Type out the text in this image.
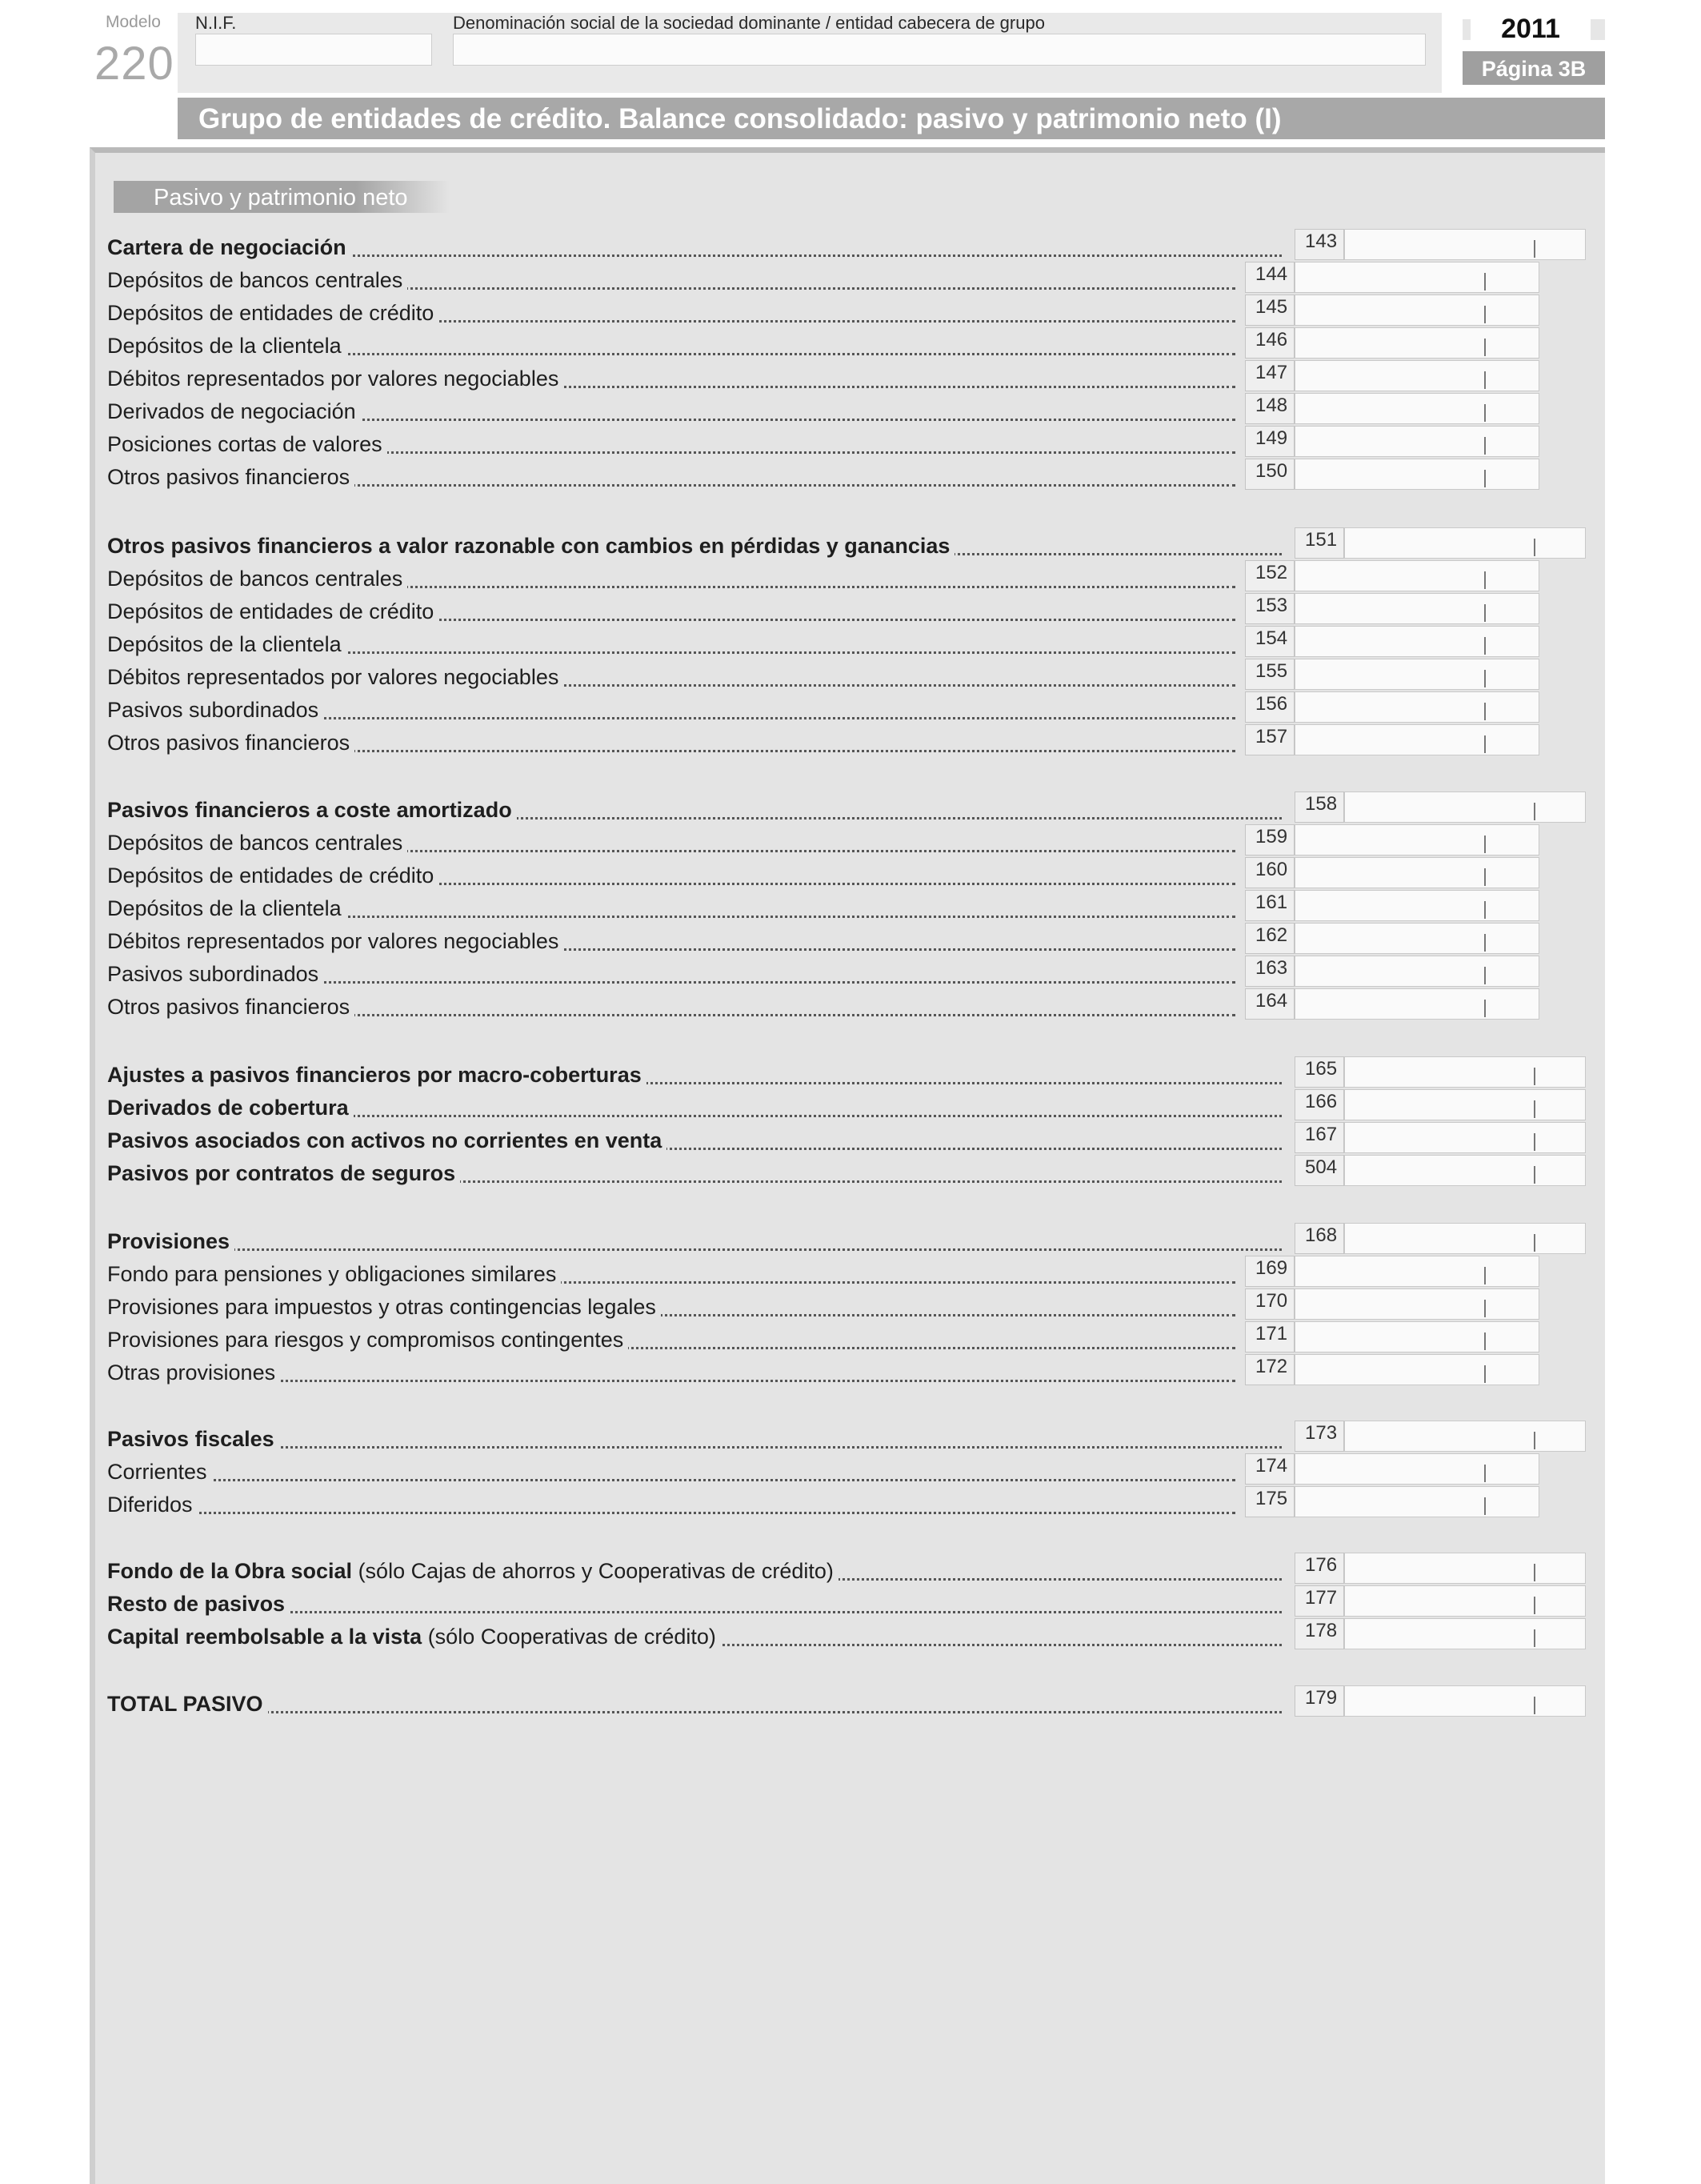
Modelo
220
N.I.F.	Denominación social de la sociedad dominante / entidad cabecera de grupo	2011
Página 3B
Grupo de entidades de crédito. Balance consolidado: pasivo y patrimonio neto (I)
Pasivo y patrimonio neto
Cartera de negociación	143
Depósitos de bancos centrales	144
Depósitos de entidades de crédito	145
Depósitos de la clientela	146
Débitos representados por valores negociables	147
Derivados de negociación	148
Posiciones cortas de valores	149
Otros pasivos financieros	150
Otros pasivos financieros a valor razonable con cambios en pérdidas y ganancias	151
Depósitos de bancos centrales	152
Depósitos de entidades de crédito	153
Depósitos de la clientela	154
Débitos representados por valores negociables	155
Pasivos subordinados	156
Otros pasivos financieros	157
Pasivos financieros a coste amortizado	158
Depósitos de bancos centrales	159
Depósitos de entidades de crédito	160
Depósitos de la clientela	161
Débitos representados por valores negociables	162
Pasivos subordinados	163
Otros pasivos financieros	164
Ajustes a pasivos financieros por macro-coberturas	165
Derivados de cobertura	166
Pasivos asociados con activos no corrientes en venta	167
Pasivos por contratos de seguros	504
Provisiones	168
Fondo para pensiones y obligaciones similares	169
Provisiones para impuestos y otras contingencias legales	170
Provisiones para riesgos y compromisos contingentes	171
Otras provisiones	172
Pasivos fiscales	173
Corrientes	174
Diferidos	175
Fondo de la Obra social (sólo Cajas de ahorros y Cooperativas de crédito)	176
Resto de pasivos	177
Capital reembolsable a la vista (sólo Cooperativas de crédito)	178
TOTAL PASIVO	179
